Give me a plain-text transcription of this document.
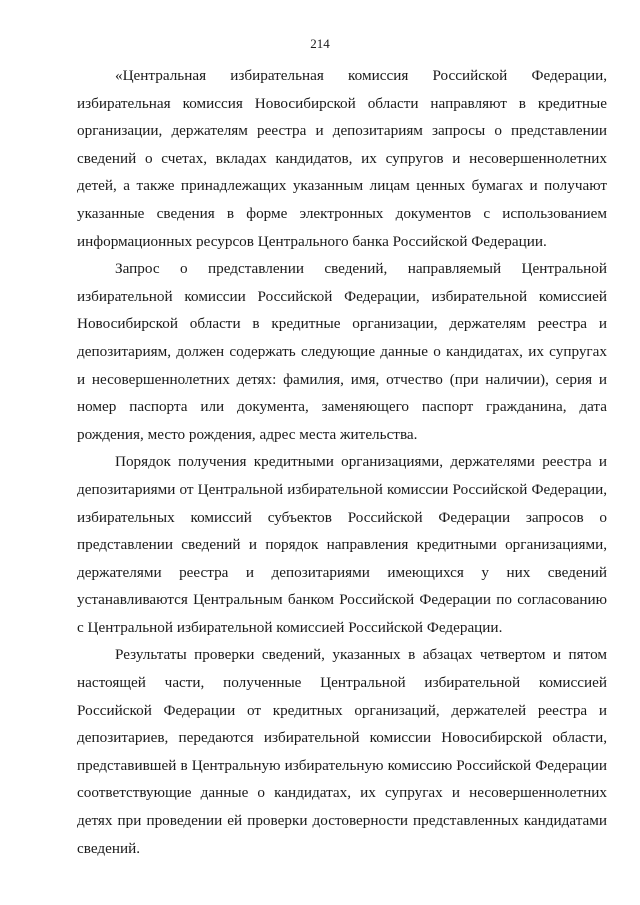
214

«Центральная избирательная комиссия Российской Федерации, избирательная комиссия Новосибирской области направляют в кредитные организации, держателям реестра и депозитариям запросы о представлении сведений о счетах, вкладах кандидатов, их супругов и несовершеннолетних детей, а также принадлежащих указанным лицам ценных бумагах и получают указанные сведения в форме электронных документов с использованием информационных ресурсов Центрального банка Российской Федерации.

Запрос о представлении сведений, направляемый Центральной избирательной комиссии Российской Федерации, избирательной комиссией Новосибирской области в кредитные организации, держателям реестра и депозитариям, должен содержать следующие данные о кандидатах, их супругах и несовершеннолетних детях: фамилия, имя, отчество (при наличии), серия и номер паспорта или документа, заменяющего паспорт гражданина, дата рождения, место рождения, адрес места жительства.

Порядок получения кредитными организациями, держателями реестра и депозитариями от Центральной избирательной комиссии Российской Федерации, избирательных комиссий субъектов Российской Федерации запросов о представлении сведений и порядок направления кредитными организациями, держателями реестра и депозитариями имеющихся у них сведений устанавливаются Центральным банком Российской Федерации по согласованию с Центральной избирательной комиссией Российской Федерации.

Результаты проверки сведений, указанных в абзацах четвертом и пятом настоящей части, полученные Центральной избирательной комиссией Российской Федерации от кредитных организаций, держателей реестра и депозитариев, передаются избирательной комиссии Новосибирской области, представившей в Центральную избирательную комиссию Российской Федерации соответствующие данные о кандидатах, их супругах и несовершеннолетних детях при проведении ей проверки достоверности представленных кандидатами сведений.
